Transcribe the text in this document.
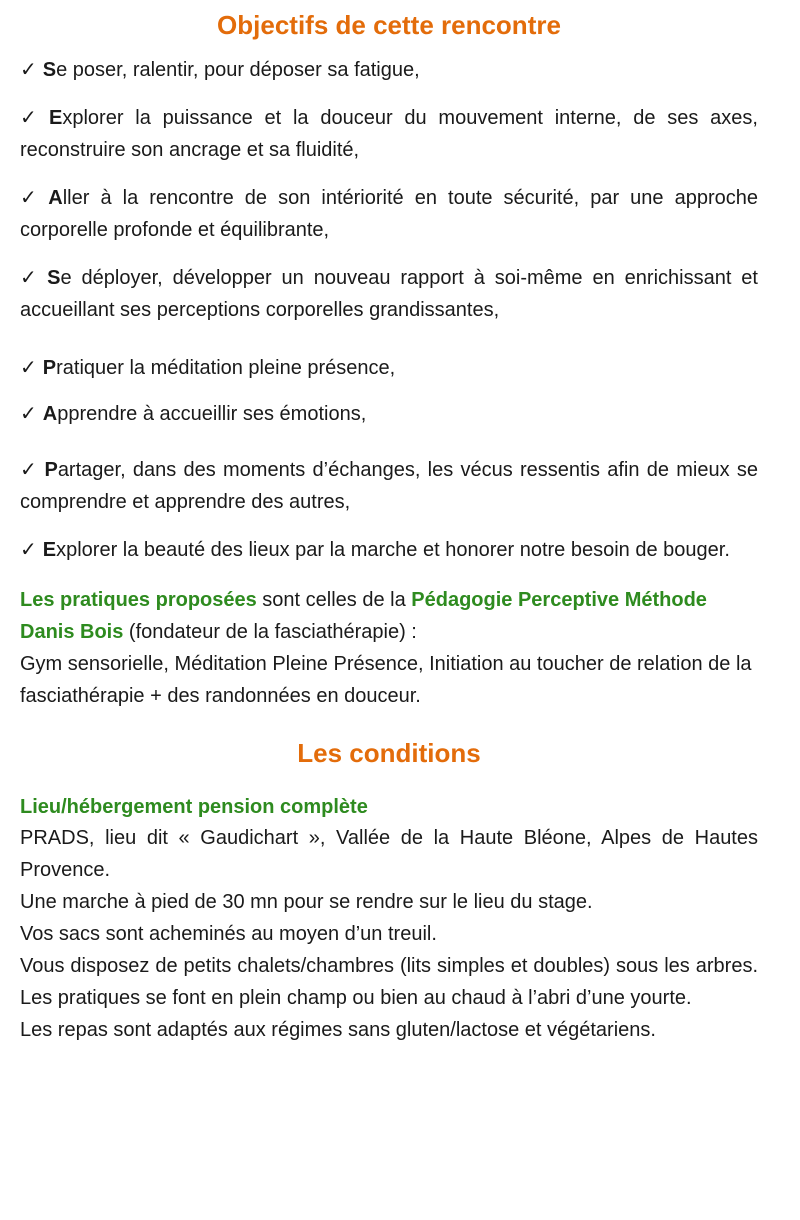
Objectifs de cette rencontre
✓ Se poser, ralentir, pour déposer sa fatigue,
✓ Explorer la puissance et la douceur du mouvement interne, de ses axes, reconstruire son ancrage et sa fluidité,
✓ Aller à la rencontre de son intériorité en toute sécurité, par une approche corporelle profonde et équilibrante,
✓ Se déployer, développer un nouveau rapport à soi-même en enrichissant et accueillant ses perceptions corporelles grandissantes,
✓ Pratiquer la méditation pleine présence,
✓ Apprendre à accueillir ses émotions,
✓ Partager, dans des moments d’échanges, les vécus ressentis afin de mieux se comprendre et apprendre des autres,
✓ Explorer la beauté des lieux par la marche et honorer notre besoin de bouger.
Les pratiques proposées sont celles de la Pédagogie Perceptive Méthode Danis Bois (fondateur de la fasciathérapie) :
Gym sensorielle, Méditation Pleine Présence, Initiation au toucher de relation de la fasciathérapie + des randonnées en douceur.
Les conditions
Lieu/hébergement pension complète
PRADS, lieu dit « Gaudichart », Vallée de la Haute Bléone, Alpes de Hautes Provence.
Une marche à pied de 30 mn pour se rendre sur le lieu du stage.
Vos sacs sont acheminés au moyen d’un treuil.
Vous disposez de petits chalets/chambres (lits simples et doubles) sous les arbres. Les pratiques se font en plein champ ou bien au chaud à l’abri d’une yourte.
Les repas sont adaptés aux régimes sans gluten/lactose et végétariens.
